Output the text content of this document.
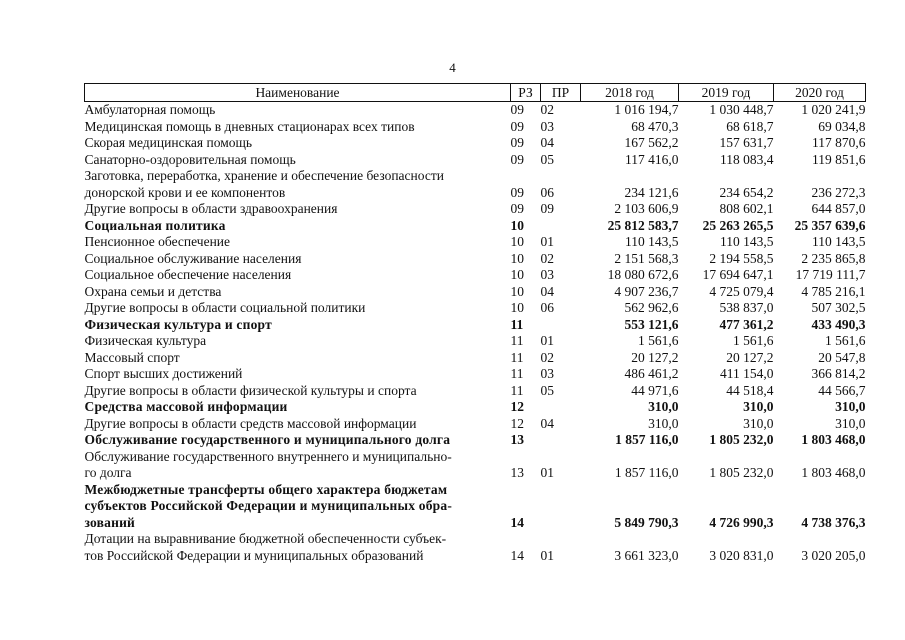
4
Наименование	РЗ	ПР	2018 год	2019 год	2020 год

Амбулаторная помощь	09	02	1 016 194,7	1 030 448,7	1 020 241,9

Медицинская помощь в дневных стационарах всех типов	09	03	68 470,3	68 618,7	69 034,8

Скорая медицинская помощь	09	04	167 562,2	157 631,7	117 870,6

Санаторно-оздоровительная помощь	09	05	117 416,0	118 083,4	119 851,6

Заготовка, переработка, хранение и обеспечение безопасности
донорской крови и ее компонентов	09	06	234 121,6	234 654,2	236 272,3

Другие вопросы в области здравоохранения	09	09	2 103 606,9	808 602,1	644 857,0

Социальная политика	10		25 812 583,7	25 263 265,5	25 357 639,6

Пенсионное обеспечение	10	01	110 143,5	110 143,5	110 143,5

Социальное обслуживание населения	10	02	2 151 568,3	2 194 558,5	2 235 865,8

Социальное обеспечение населения	10	03	18 080 672,6	17 694 647,1	17 719 111,7

Охрана семьи и детства	10	04	4 907 236,7	4 725 079,4	4 785 216,1

Другие вопросы в области социальной политики	10	06	562 962,6	538 837,0	507 302,5

Физическая культура и спорт	11		553 121,6	477 361,2	433 490,3

Физическая культура	11	01	1 561,6	1 561,6	1 561,6

Массовый спорт	11	02	20 127,2	20 127,2	20 547,8

Спорт высших достижений	11	03	486 461,2	411 154,0	366 814,2

Другие вопросы в области физической культуры и спорта	11	05	44 971,6	44 518,4	44 566,7

Средства массовой информации	12		310,0	310,0	310,0

Другие вопросы в области средств массовой информации	12	04	310,0	310,0	310,0

Обслуживание государственного и муниципального долга	13		1 857 116,0	1 805 232,0	1 803 468,0

Обслуживание государственного внутреннего и муниципально-
го долга	13	01	1 857 116,0	1 805 232,0	1 803 468,0

Межбюджетные трансферты общего характера бюджетам
субъектов Российской Федерации и муниципальных обра-
зований	14		5 849 790,3	4 726 990,3	4 738 376,3

Дотации на выравнивание бюджетной обеспеченности субъек-
тов Российской Федерации и муниципальных образований	14	01	3 661 323,0	3 020 831,0	3 020 205,0
